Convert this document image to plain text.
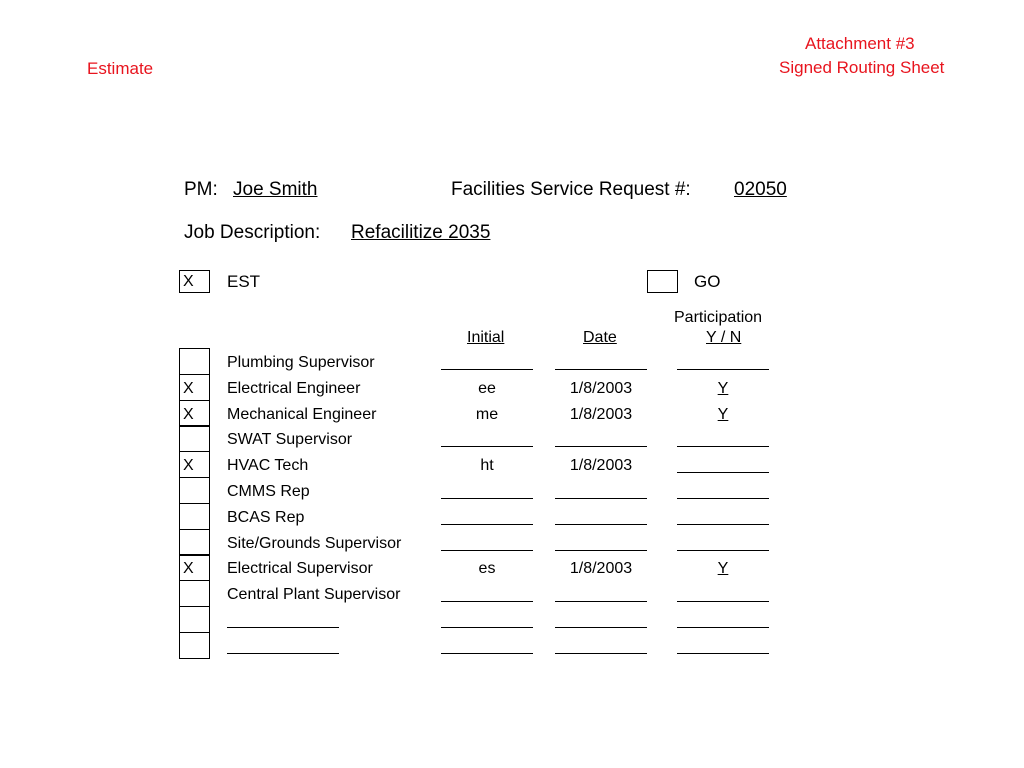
Estimate
Attachment #3
Signed Routing Sheet
PM: Joe Smith	Facilities Service Request #: 02050
Job Description: Refacilitize 2035
X EST	GO
Initial	Date
Participation
Y / N
Plumbing Supervisor
X Electrical Engineer	ee	1/8/2003	Y
X Mechanical Engineer	me	1/8/2003	Y
SWAT Supervisor
X HVAC Tech	ht	1/8/2003
CMMS Rep
BCAS Rep
Site/Grounds Supervisor
X Electrical Supervisor	es	1/8/2003	Y
Central Plant Supervisor
